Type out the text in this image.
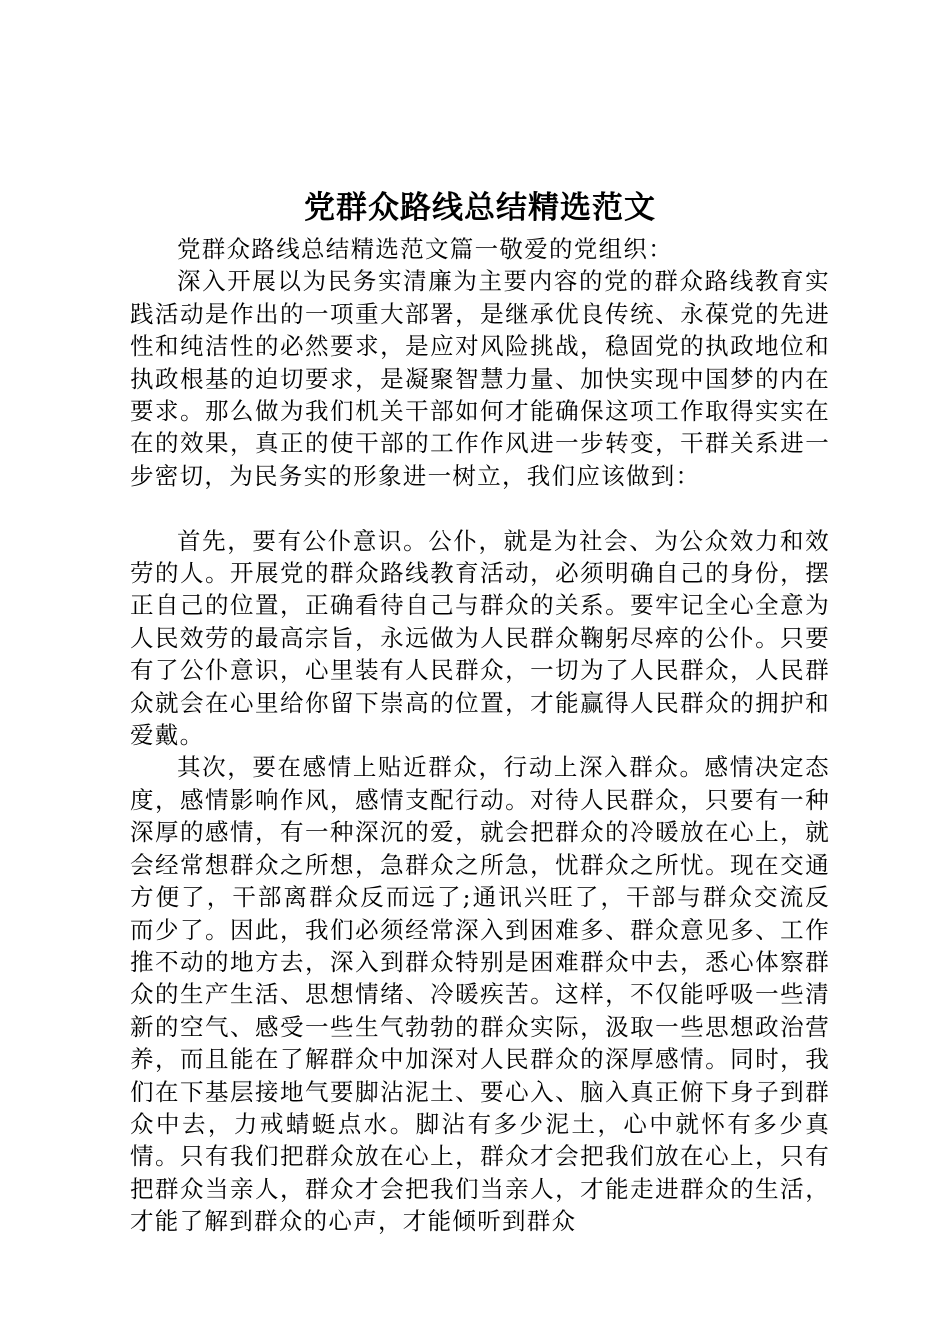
党群众路线总结精选范文

党群众路线总结精选范文篇一敬爱的党组织：

深入开展以为民务实清廉为主要内容的党的群众路线教育实践活动是作出的一项重大部署，是继承优良传统、永葆党的先进性和纯洁性的必然要求，是应对风险挑战，稳固党的执政地位和执政根基的迫切要求，是凝聚智慧力量、加快实现中国梦的内在要求。那么做为我们机关干部如何才能确保这项工作取得实实在在的效果，真正的使干部的工作作风进一步转变，干群关系进一步密切，为民务实的形象进一树立，我们应该做到：

首先，要有公仆意识。公仆，就是为社会、为公众效力和效劳的人。开展党的群众路线教育活动，必须明确自己的身份，摆正自己的位置，正确看待自己与群众的关系。要牢记全心全意为人民效劳的最高宗旨，永远做为人民群众鞠躬尽瘁的公仆。只要有了公仆意识，心里装有人民群众，一切为了人民群众，人民群众就会在心里给你留下崇高的位置，才能赢得人民群众的拥护和爱戴。

其次，要在感情上贴近群众，行动上深入群众。感情决定态度，感情影响作风，感情支配行动。对待人民群众，只要有一种深厚的感情，有一种深沉的爱，就会把群众的冷暖放在心上，就会经常想群众之所想，急群众之所急，忧群众之所忧。现在交通方便了，干部离群众反而远了;通讯兴旺了，干部与群众交流反而少了。因此，我们必须经常深入到困难多、群众意见多、工作推不动的地方去，深入到群众特别是困难群众中去，悉心体察群众的生产生活、思想情绪、冷暖疾苦。这样，不仅能呼吸一些清新的空气、感受一些生气勃勃的群众实际，汲取一些思想政治营养，而且能在了解群众中加深对人民群众的深厚感情。同时，我们在下基层接地气要脚沾泥土、要心入、脑入真正俯下身子到群众中去，力戒蜻蜓点水。脚沾有多少泥土，心中就怀有多少真情。只有我们把群众放在心上，群众才会把我们放在心上，只有把群众当亲人，群众才会把我们当亲人，才能走进群众的生活，才能了解到群众的心声，才能倾听到群众
